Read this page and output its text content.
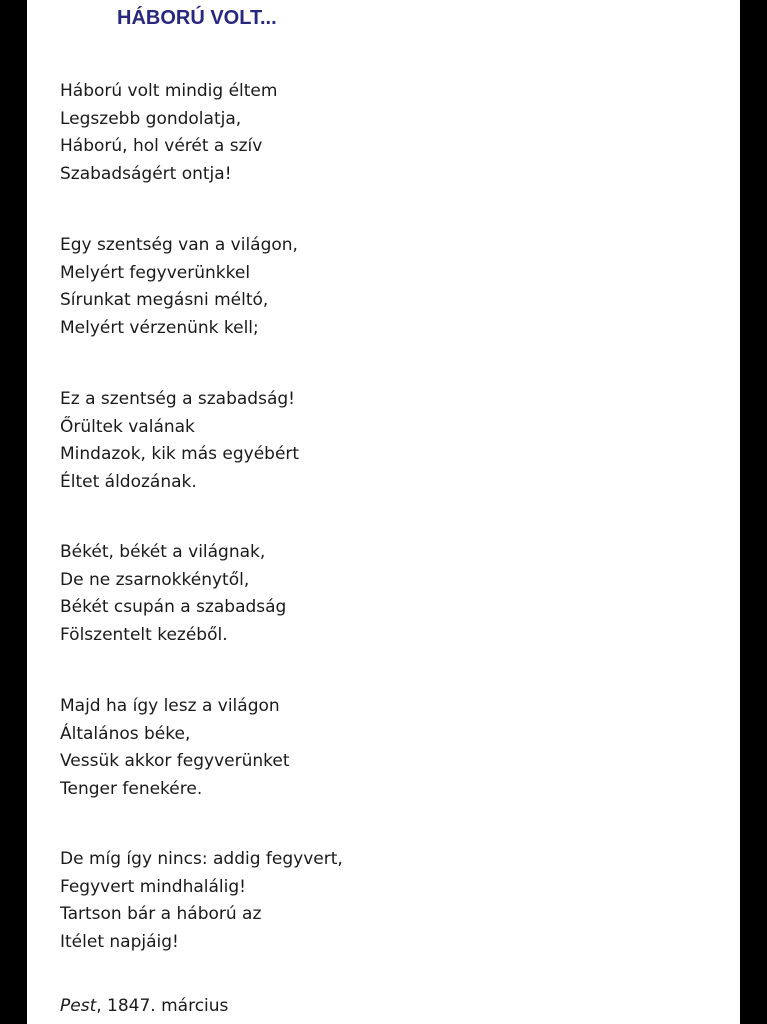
HÁBORÚ VOLT...

Háború volt mindig éltem
Legszebb gondolatja,
Háború, hol vérét a szív
Szabadságért ontja!

Egy szentség van a világon,
Melyért fegyverünkkel
Sírunkat megásni méltó,
Melyért vérzenünk kell;

Ez a szentség a szabadság!
Őrültek valának
Mindazok, kik más egyébért
Éltet áldozának.

Békét, békét a világnak,
De ne zsarnokkénytől,
Békét csupán a szabadság
Fölszentelt kezéből.

Majd ha így lesz a világon
Általános béke,
Vessük akkor fegyverünket
Tenger fenekére.

De míg így nincs: addig fegyvert,
Fegyvert mindhalálig!
Tartson bár a háború az
Itélet napjáig!

Pest, 1847. március
